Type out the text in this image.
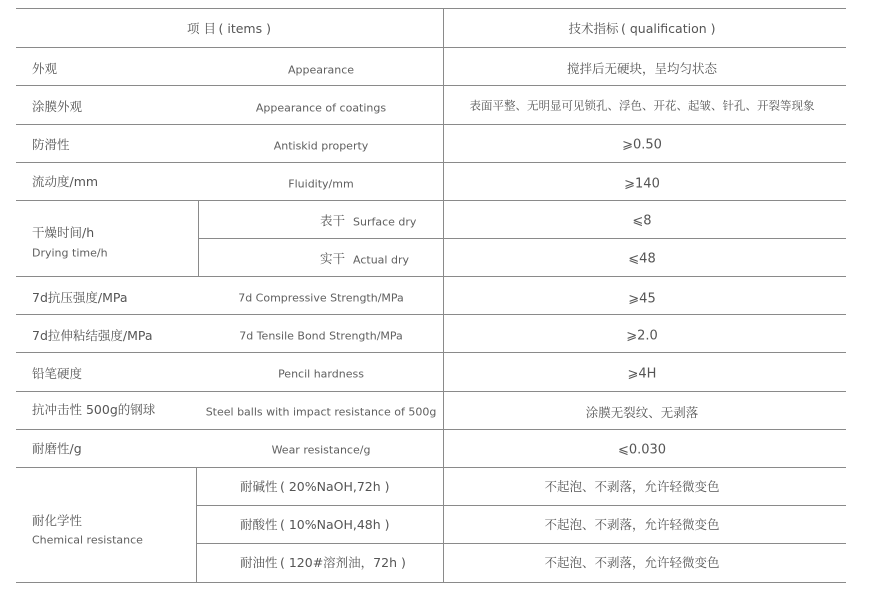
项 目 ( items )	技术指标 ( qualification )
外观	Appearance	搅拌后无硬块，呈均匀状态
涂膜外观	Appearance of coatings	表面平整、无明显可见锁孔、浮色、开花、起皱、针孔、开裂等现象
防滑性	Antiskid property	⩾0.50
流动度/mm	Fluidity/mm	⩾140
干燥时间/h
Drying time/h
表干 Surface dry	⩽8
实干 Actual dry	⩽48
7d抗压强度/MPa	7d Compressive Strength/MPa	⩾45
7d拉伸粘结强度/MPa	7d Tensile Bond Strength/MPa	⩾2.0
铅笔硬度	Pencil hardness	⩾4H
抗冲击性 500g的钢球	Steel balls with impact resistance of 500g	涂膜无裂纹、无剥落
耐磨性/g	Wear resistance/g	⩽0.030
耐化学性
Chemical resistance
耐碱性 ( 20%NaOH,72h )	不起泡、不剥落，允许轻微变色
耐酸性 ( 10%NaOH,48h )	不起泡、不剥落，允许轻微变色
耐油性 ( 120#溶剂油，72h )	不起泡、不剥落，允许轻微变色
